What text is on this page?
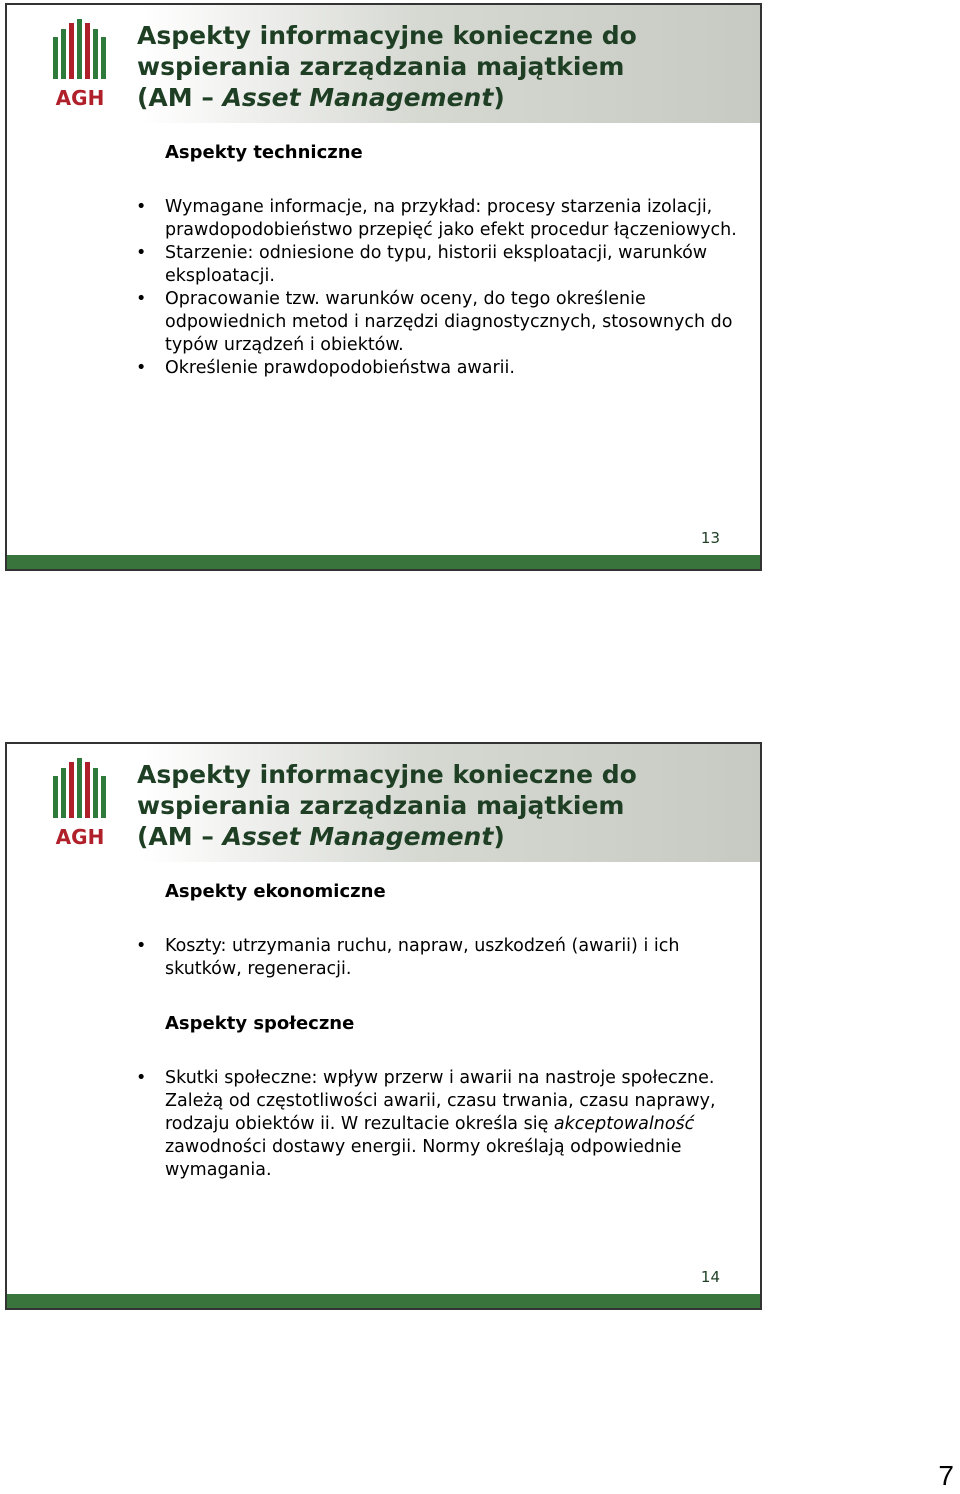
AGH
Aspekty informacyjne konieczne do
wspierania zarządzania majątkiem
(AM – Asset Management)

Aspekty techniczne

• Wymagane informacje, na przykład: procesy starzenia izolacji, prawdopodobieństwo przepięć jako efekt procedur łączeniowych.
• Starzenie: odniesione do typu, historii eksploatacji, warunków eksploatacji.
• Opracowanie tzw. warunków oceny, do tego określenie odpowiednich metod i narzędzi diagnostycznych, stosownych do typów urządzeń i obiektów.
• Określenie prawdopodobieństwa awarii.
13
AGH
Aspekty informacyjne konieczne do
wspierania zarządzania majątkiem
(AM – Asset Management)

Aspekty ekonomiczne

• Koszty: utrzymania ruchu, napraw, uszkodzeń (awarii) i ich skutków, regeneracji.

Aspekty społeczne

• Skutki społeczne: wpływ przerw i awarii na nastroje społeczne. Zależą od częstotliwości awarii, czasu trwania, czasu naprawy, rodzaju obiektów ii. W rezultacie określa się akceptowalność zawodności dostawy energii. Normy określają odpowiednie wymagania.
14
7
